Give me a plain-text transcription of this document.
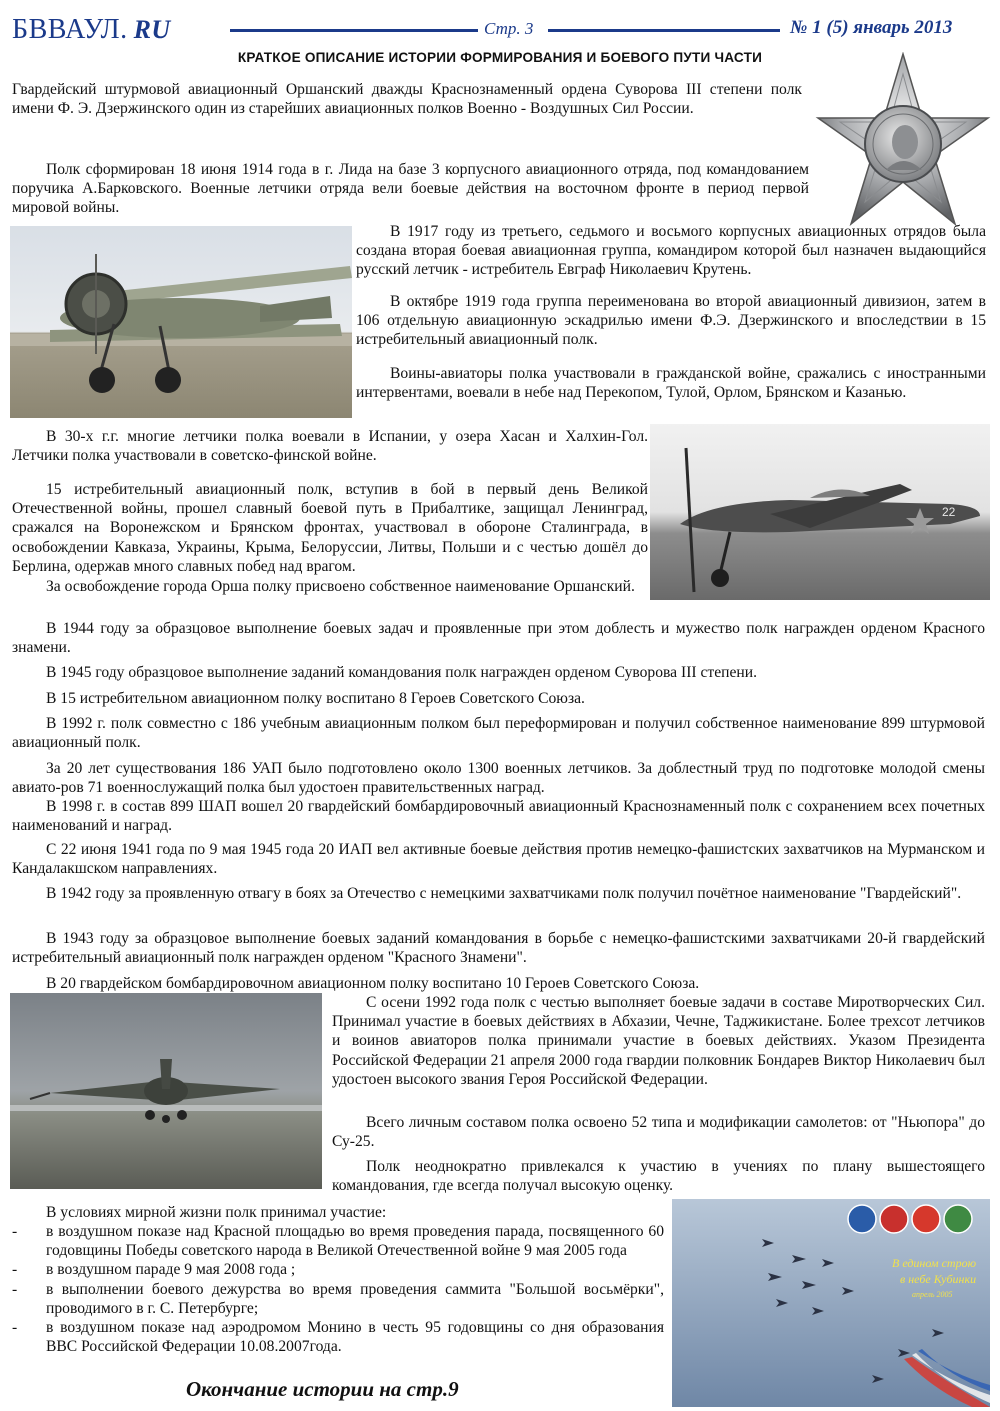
БВВАУЛ. RU	Стр. 3	№ 1 (5) январь 2013
КРАТКОЕ ОПИСАНИЕ ИСТОРИИ ФОРМИРОВАНИЯ И БОЕВОГО ПУТИ ЧАСТИ

Гвардейский штурмовой авиационный Оршанский дважды Краснознаменный ордена Суворова III степени полк имени Ф. Э. Дзержинского один из старейших авиационных полков Военно - Воздушных Сил России.

Полк сформирован 18 июня 1914 года в г. Лида на базе 3 корпусного авиационного отряда, под командованием поручика А.Барковского. Военные летчики отряда вели боевые действия на восточном фронте в период первой мировой войны.

В 1917 году из третьего, седьмого и восьмого корпусных авиационных отрядов была создана вторая боевая авиационная группа, командиром которой был назначен выдающийся русский летчик - истребитель Евграф Николаевич Крутень.

В октябре 1919 года группа переименована во второй авиационный дивизион, затем в 106 отдельную авиационную эскадрилью имени Ф.Э. Дзержинского и впоследствии в 15 истребительный авиационный полк.

Воины-авиаторы полка участвовали в гражданской войне, сражались с иностранными интервентами, воевали в небе над Перекопом, Тулой, Орлом, Брянском и Казанью.

В 30-х г.г. многие летчики полка воевали в Испании, у озера Хасан и Халхин-Гол. Летчики полка участвовали в советско-финской войне.

22

15 истребительный авиационный полк, вступив в бой в первый день Великой Отечественной войны, прошел славный боевой путь в Прибалтике, защищал Ленинград, сражался на Воронежском и Брянском фронтах, участвовал в обороне Сталинграда, в освобождении Кавказа, Украины, Крыма, Белоруссии, Литвы, Польши и с честью дошёл до Берлина, одержав много славных побед над врагом.

За освобождение города Орша полку присвоено собственное наименование Оршанский.

В 1944 году за образцовое выполнение боевых задач и проявленные при этом доблесть и мужество полк награжден орденом Красного знамени.

В 1945 году образцовое выполнение заданий командования полк награжден орденом Суворова III степени.

В 15 истребительном авиационном полку воспитано 8 Героев Советского Союза.

В 1992 г. полк совместно с 186 учебным авиационным полком был переформирован и получил собственное наименование 899 штурмовой авиационный полк.

За 20 лет существования 186 УАП было подготовлено около 1300 военных летчиков. За доблестный труд по подготовке молодой смены авиато-ров 71 военнослужащий полка был удостоен правительственных наград.

В 1998 г. в состав 899 ШАП вошел 20 гвардейский бомбардировочный авиационный Краснознаменный полк с сохранением всех почетных наименований и наград.

С 22 июня 1941 года по 9 мая 1945 года 20 ИАП вел активные боевые действия против немецко-фашистских захватчиков на Мурманском и Кандалакшском направлениях.

В 1942 году за проявленную отвагу в боях за Отечество с немецкими захватчиками полк получил почётное наименование "Гвардейский".

В 1943 году за образцовое выполнение боевых заданий командования в борьбе с немецко-фашистскими захватчиками 20-й гвардейский истребительный авиационный полк награжден орденом "Красного Знамени".

В 20 гвардейском бомбардировочном авиационном полку воспитано 10 Героев Советского Союза.

С осени 1992 года полк с честью выполняет боевые задачи в составе Миротворческих Сил. Принимал участие в боевых действиях в Абхазии, Чечне, Таджикистане. Более трехсот летчиков и воинов авиаторов полка принимали участие в боевых действиях. Указом Президента Российской Федерации 21 апреля 2000 года гвардии полковник Бондарев Виктор Николаевич был удостоен высокого звания Героя Российской Федерации.

Всего личным составом полка освоено 52 типа и модификации самолетов: от "Ньюпора" до Су-25.

Полк неоднократно привлекался к участию в учениях по плану вышестоящего командования, где всегда получал высокую оценку.

В условиях мирной жизни полк принимал участие:

-	в воздушном показе над Красной площадью во время проведения парада, посвященного 60 годовщины Победы советского народа в Великой Отечественной войне 9 мая 2005 года
-	в воздушном параде 9 мая 2008 года ;
-	в выполнении боевого дежурства во время проведения саммита "Большой восьмёрки", проводимого в г. С. Петербурге;
-	в воздушном показе над аэродромом Монино в честь 95 годовщины со дня образования ВВС Российской Федерации 10.08.2007года.
В едином строю
в небе Кубинки
апрель 2005
Окончание истории на стр.9
